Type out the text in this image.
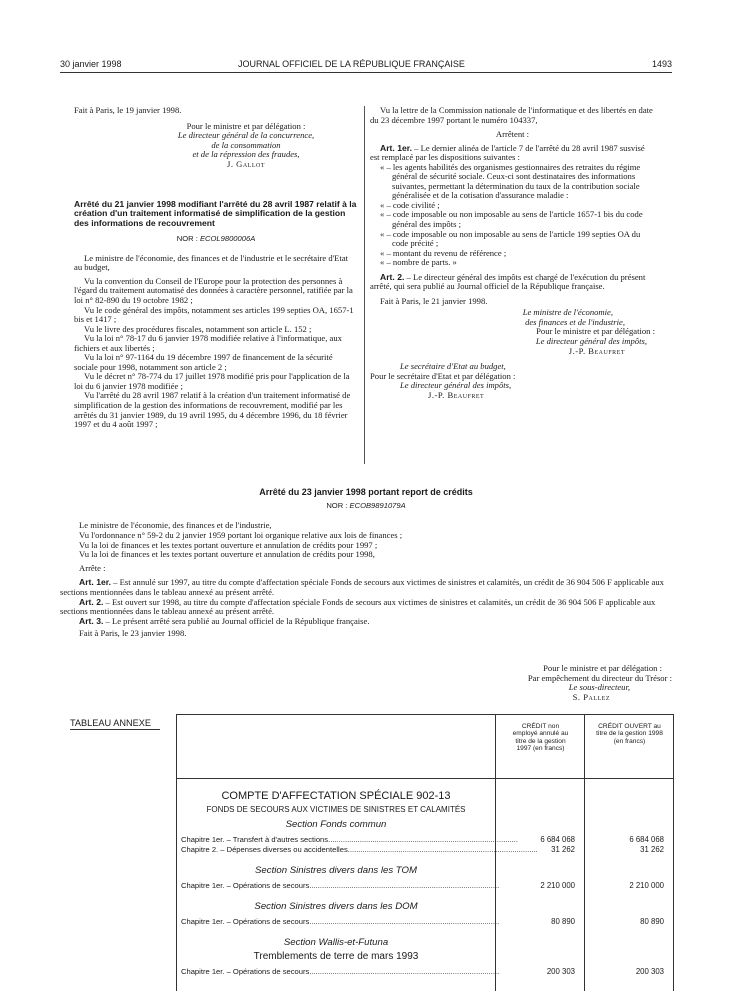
30 janvier 1998	JOURNAL OFFICIEL DE LA RÉPUBLIQUE FRANÇAISE	1493

Fait à Paris, le 19 janvier 1998.

Pour le ministre et par délégation :

Le directeur général de la concurrence,

de la consommation

et de la répression des fraudes,

J. Gallot

Arrêté du 21 janvier 1998 modifiant l'arrêté du 28 avril 1987 relatif à la création d'un traitement informatisé de simplification de la gestion des informations de recouvrement

NOR : ECOL9800006A

Le ministre de l'économie, des finances et de l'industrie et le secrétaire d'Etat au budget,

Vu la convention du Conseil de l'Europe pour la protection des personnes à l'égard du traitement automatisé des données à caractère personnel, ratifiée par la loi n° 82-890 du 19 octobre 1982 ;

Vu le code général des impôts, notamment ses articles 199 septies OA, 1657-1 bis et 1417 ;

Vu le livre des procédures fiscales, notamment son article L. 152 ;

Vu la loi n° 78-17 du 6 janvier 1978 modifiée relative à l'informatique, aux fichiers et aux libertés ;

Vu la loi n° 97-1164 du 19 décembre 1997 de financement de la sécurité sociale pour 1998, notamment son article 2 ;

Vu le décret n° 78-774 du 17 juillet 1978 modifié pris pour l'application de la loi du 6 janvier 1978 modifiée ;

Vu l'arrêté du 28 avril 1987 relatif à la création d'un traitement informatisé de simplification de la gestion des informations de recouvrement, modifié par les arrêtés du 31 janvier 1989, du 19 avril 1995, du 4 décembre 1996, du 18 février 1997 et du 4 août 1997 ;

Vu la lettre de la Commission nationale de l'informatique et des libertés en date du 23 décembre 1997 portant le numéro 104337,

Arrêtent :

Art. 1er. – Le dernier alinéa de l'article 7 de l'arrêté du 28 avril 1987 susvisé est remplacé par les dispositions suivantes :

« – les agents habilités des organismes gestionnaires des retraites du régime général de sécurité sociale. Ceux-ci sont destinataires des informations suivantes, permettant la détermination du taux de la contribution sociale généralisée et de la cotisation d'assurance maladie :

« – code civilité ;

« – code imposable ou non imposable au sens de l'article 1657-1 bis du code général des impôts ;

« – code imposable ou non imposable au sens de l'article 199 septies OA du code précité ;

« – montant du revenu de référence ;

« – nombre de parts. »

Art. 2. – Le directeur général des impôts est chargé de l'exécution du présent arrêté, qui sera publié au Journal officiel de la République française.

Fait à Paris, le 21 janvier 1998.

Le ministre de l'économie,

des finances et de l'industrie,

Pour le ministre et par délégation :

Le directeur général des impôts,

J.-P. Beaufret

Le secrétaire d'Etat au budget,

Pour le secrétaire d'Etat et par délégation :

Le directeur général des impôts,

J.-P. Beaufret

Arrêté du 23 janvier 1998 portant report de crédits
NOR : ECOB9891079A

Le ministre de l'économie, des finances et de l'industrie,

Vu l'ordonnance n° 59-2 du 2 janvier 1959 portant loi organique relative aux lois de finances ;

Vu la loi de finances et les textes portant ouverture et annulation de crédits pour 1997 ;

Vu la loi de finances et les textes portant ouverture et annulation de crédits pour 1998,

Arrête :

Art. 1er. – Est annulé sur 1997, au titre du compte d'affectation spéciale Fonds de secours aux victimes de sinistres et calamités, un crédit de 36 904 506 F applicable aux sections mentionnées dans le tableau annexé au présent arrêté.

Art. 2. – Est ouvert sur 1998, au titre du compte d'affectation spéciale Fonds de secours aux victimes de sinistres et calamités, un crédit de 36 904 506 F applicable aux sections mentionnées dans le tableau annexé au présent arrêté.

Art. 3. – Le présent arrêté sera publié au Journal officiel de la République française.

Fait à Paris, le 23 janvier 1998.

Pour le ministre et par délégation :

Par empêchement du directeur du Trésor :

Le sous-directeur,

S. Pallez

TABLEAU ANNEXE	CRÉDIT non employé annulé au titre de la gestion 1997 (en francs)
CRÉDIT OUVERT au titre de la gestion 1998 (en francs)
COMPTE D'AFFECTATION SPÉCIALE 902-13
FONDS DE SECOURS AUX VICTIMES DE SINISTRES ET CALAMITÉS
Section Fonds commun
Chapitre 1er. – Transfert à d'autres sections..........................................................................................	6 684 068	6 684 068
Chapitre 2. – Dépenses diverses ou accidentelles..........................................................................................	31 262	31 262
Section Sinistres divers dans les TOM
Chapitre 1er. – Opérations de secours..........................................................................................	2 210 000	2 210 000
Section Sinistres divers dans les DOM
Chapitre 1er. – Opérations de secours..........................................................................................	80 890	80 890
Section Wallis-et-Futuna
Tremblements de terre de mars 1993
Chapitre 1er. – Opérations de secours..........................................................................................	200 303	200 303
